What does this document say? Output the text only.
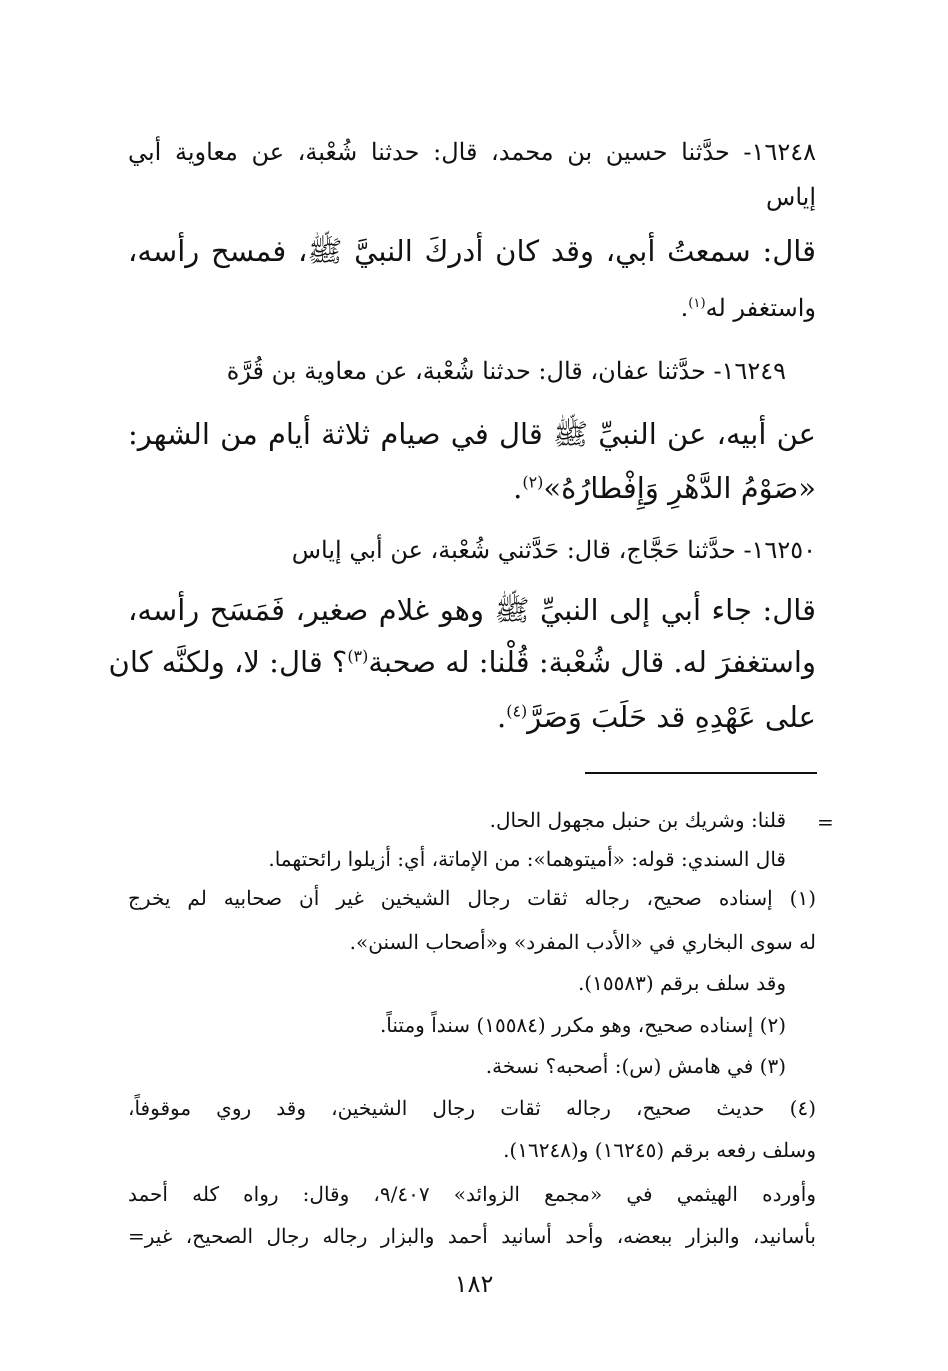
١٦٢٤٨- حدَّثنا حسين بن محمد، قال: حدثنا شُعْبة، عن معاوية أبي
إياس
قال: سمعتُ أبي، وقد كان أدركَ النبيَّ ﷺ، فمسح رأسه،
واستغفر له$^{(١)}$.
١٦٢٤٩- حدَّثنا عفان، قال: حدثنا شُعْبة، عن معاوية بن قُرَّة
عن أبيه، عن النبيِّ ﷺ قال في صيام ثلاثة أيام من الشهر:
«صَوْمُ الدَّهْرِ وَإِفْطارُهُ»$^{(٢)}$.
١٦٢٥٠- حدَّثنا حَجَّاج، قال: حَدَّثني شُعْبة، عن أبي إياس
قال: جاء أبي إلى النبيِّ ﷺ وهو غلام صغير، فَمَسَح رأسه،
واستغفرَ له. قال شُعْبة: قُلْنا: له صحبة$^{(٣)}$؟ قال: لا، ولكنَّه كان
على عَهْدِهِ قد حَلَبَ وَصَرَّ$^{(٤)}$.
=
قلنا: وشريك بن حنبل مجهول الحال.
قال السندي: قوله: «أميتوهما»: من الإماتة، أي: أزيلوا رائحتهما.
(١) إسناده صحيح، رجاله ثقات رجال الشيخين غير أن صحابيه لم يخرج
له سوى البخاري في «الأدب المفرد» و«أصحاب السنن».
وقد سلف برقم (١٥٥٨٣).
(٢) إسناده صحيح، وهو مكرر (١٥٥٨٤) سنداً ومتناً.
(٣) في هامش (س): أصحبه؟ نسخة.
(٤) حديث صحيح، رجاله ثقات رجال الشيخين، وقد روي موقوفاً،
وسلف رفعه برقم (١٦٢٤٥) و(١٦٢٤٨).
وأورده الهيثمي في «مجمع الزوائد» ٩/٤٠٧، وقال: رواه كله أحمد
بأسانيد، والبزار ببعضه، وأحد أسانيد أحمد والبزار رجاله رجال الصحيح، غير=
١٨٢
